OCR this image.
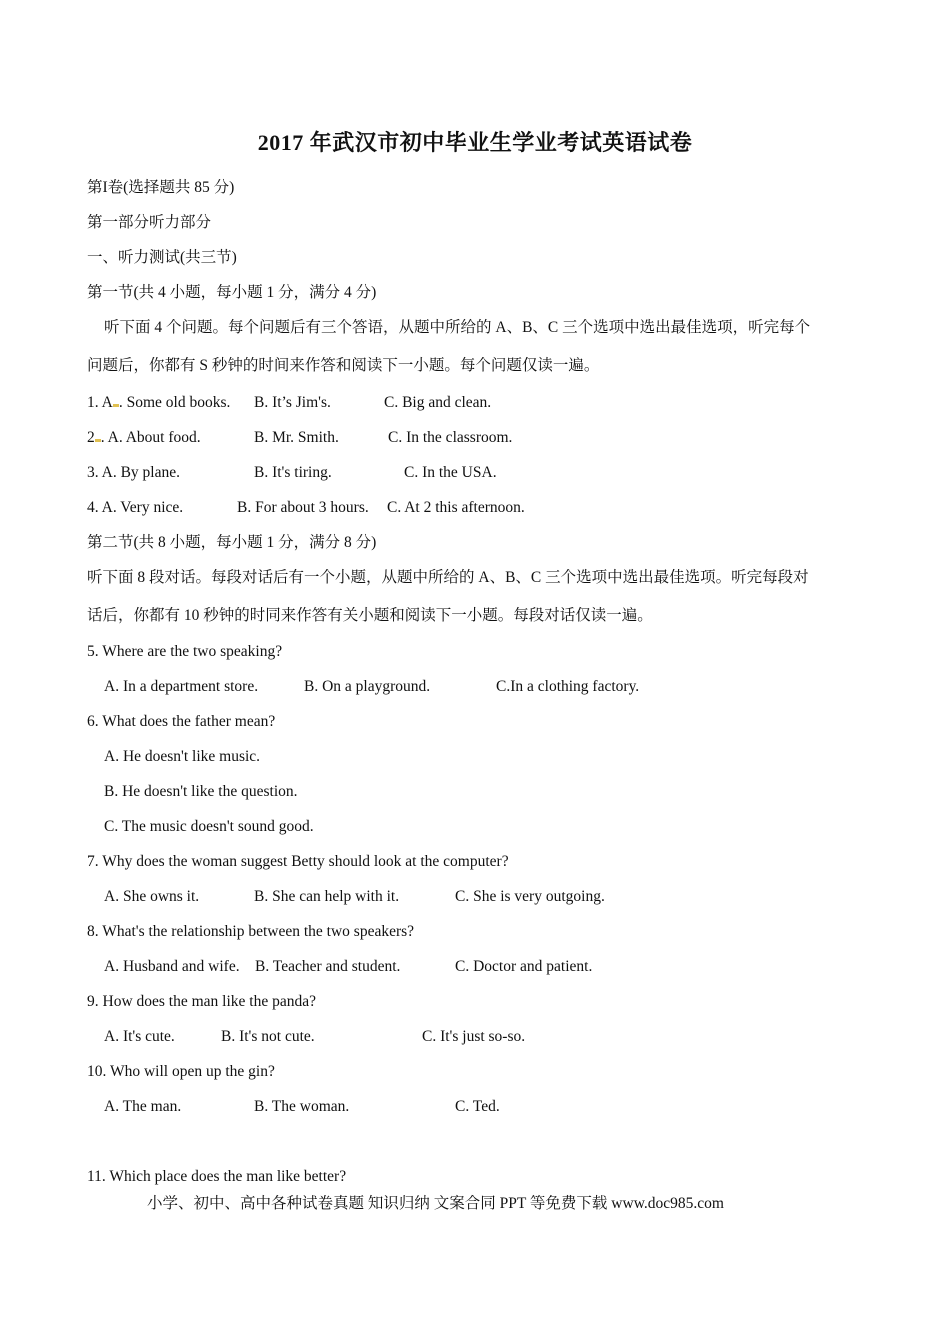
2017 年武汉市初中毕业生学业考试英语试卷
第I卷(选择题共 85 分)
第一部分听力部分
一、听力测试(共三节)
第一节(共 4 小题，每小题 1 分，满分 4 分)
听下面 4 个问题。每个问题后有三个答语，从题中所给的 A、B、C 三个选项中选出最佳选项，听完每个
问题后，你都有 S 秒钟的时间来作答和阅读下一小题。每个问题仅读一遍。
1. A . Some old books. B. It’s Jim's.	C. Big and clean.
2 . A. About food.	B. Mr. Smith.	C. In the classroom.
3. A. By plane.	B. It's tiring.	C. In the USA.
4. A. Very nice.	B. For about 3 hours. C. At 2 this afternoon.
第二节(共 8 小题，每小题 1 分，满分 8 分)
听下面 8 段对话。每段对话后有一个小题，从题中所给的 A、B、C 三个选项中选出最佳选项。听完每段对
话后，你都有 10 秒钟的时同来作答有关小题和阅读下一小题。每段对话仅读一遍。
5. Where are the two speaking?
A. In a department store.	B. On a playground.	C.In a clothing factory.
6. What does the father mean?
A. He doesn't like music.
B. He doesn't like the question.
C. The music doesn't sound good.
7. Why does the woman suggest Betty should look at the computer?
A. She owns it.	B. She can help with it.	C. She is very outgoing.
8. What's the relationship between the two speakers?
A. Husband and wife. B. Teacher and student.	C. Doctor and patient.
9. How does the man like the panda?
A. It's cute.	B. It's not cute.	C. It's just so-so.
10. Who will open up the gin?
A. The man.	B. The woman.	C. Ted.
11. Which place does the man like better?
小学、初中、高中各种试卷真题 知识归纳 文案合同 PPT 等免费下载 www.doc985.com
